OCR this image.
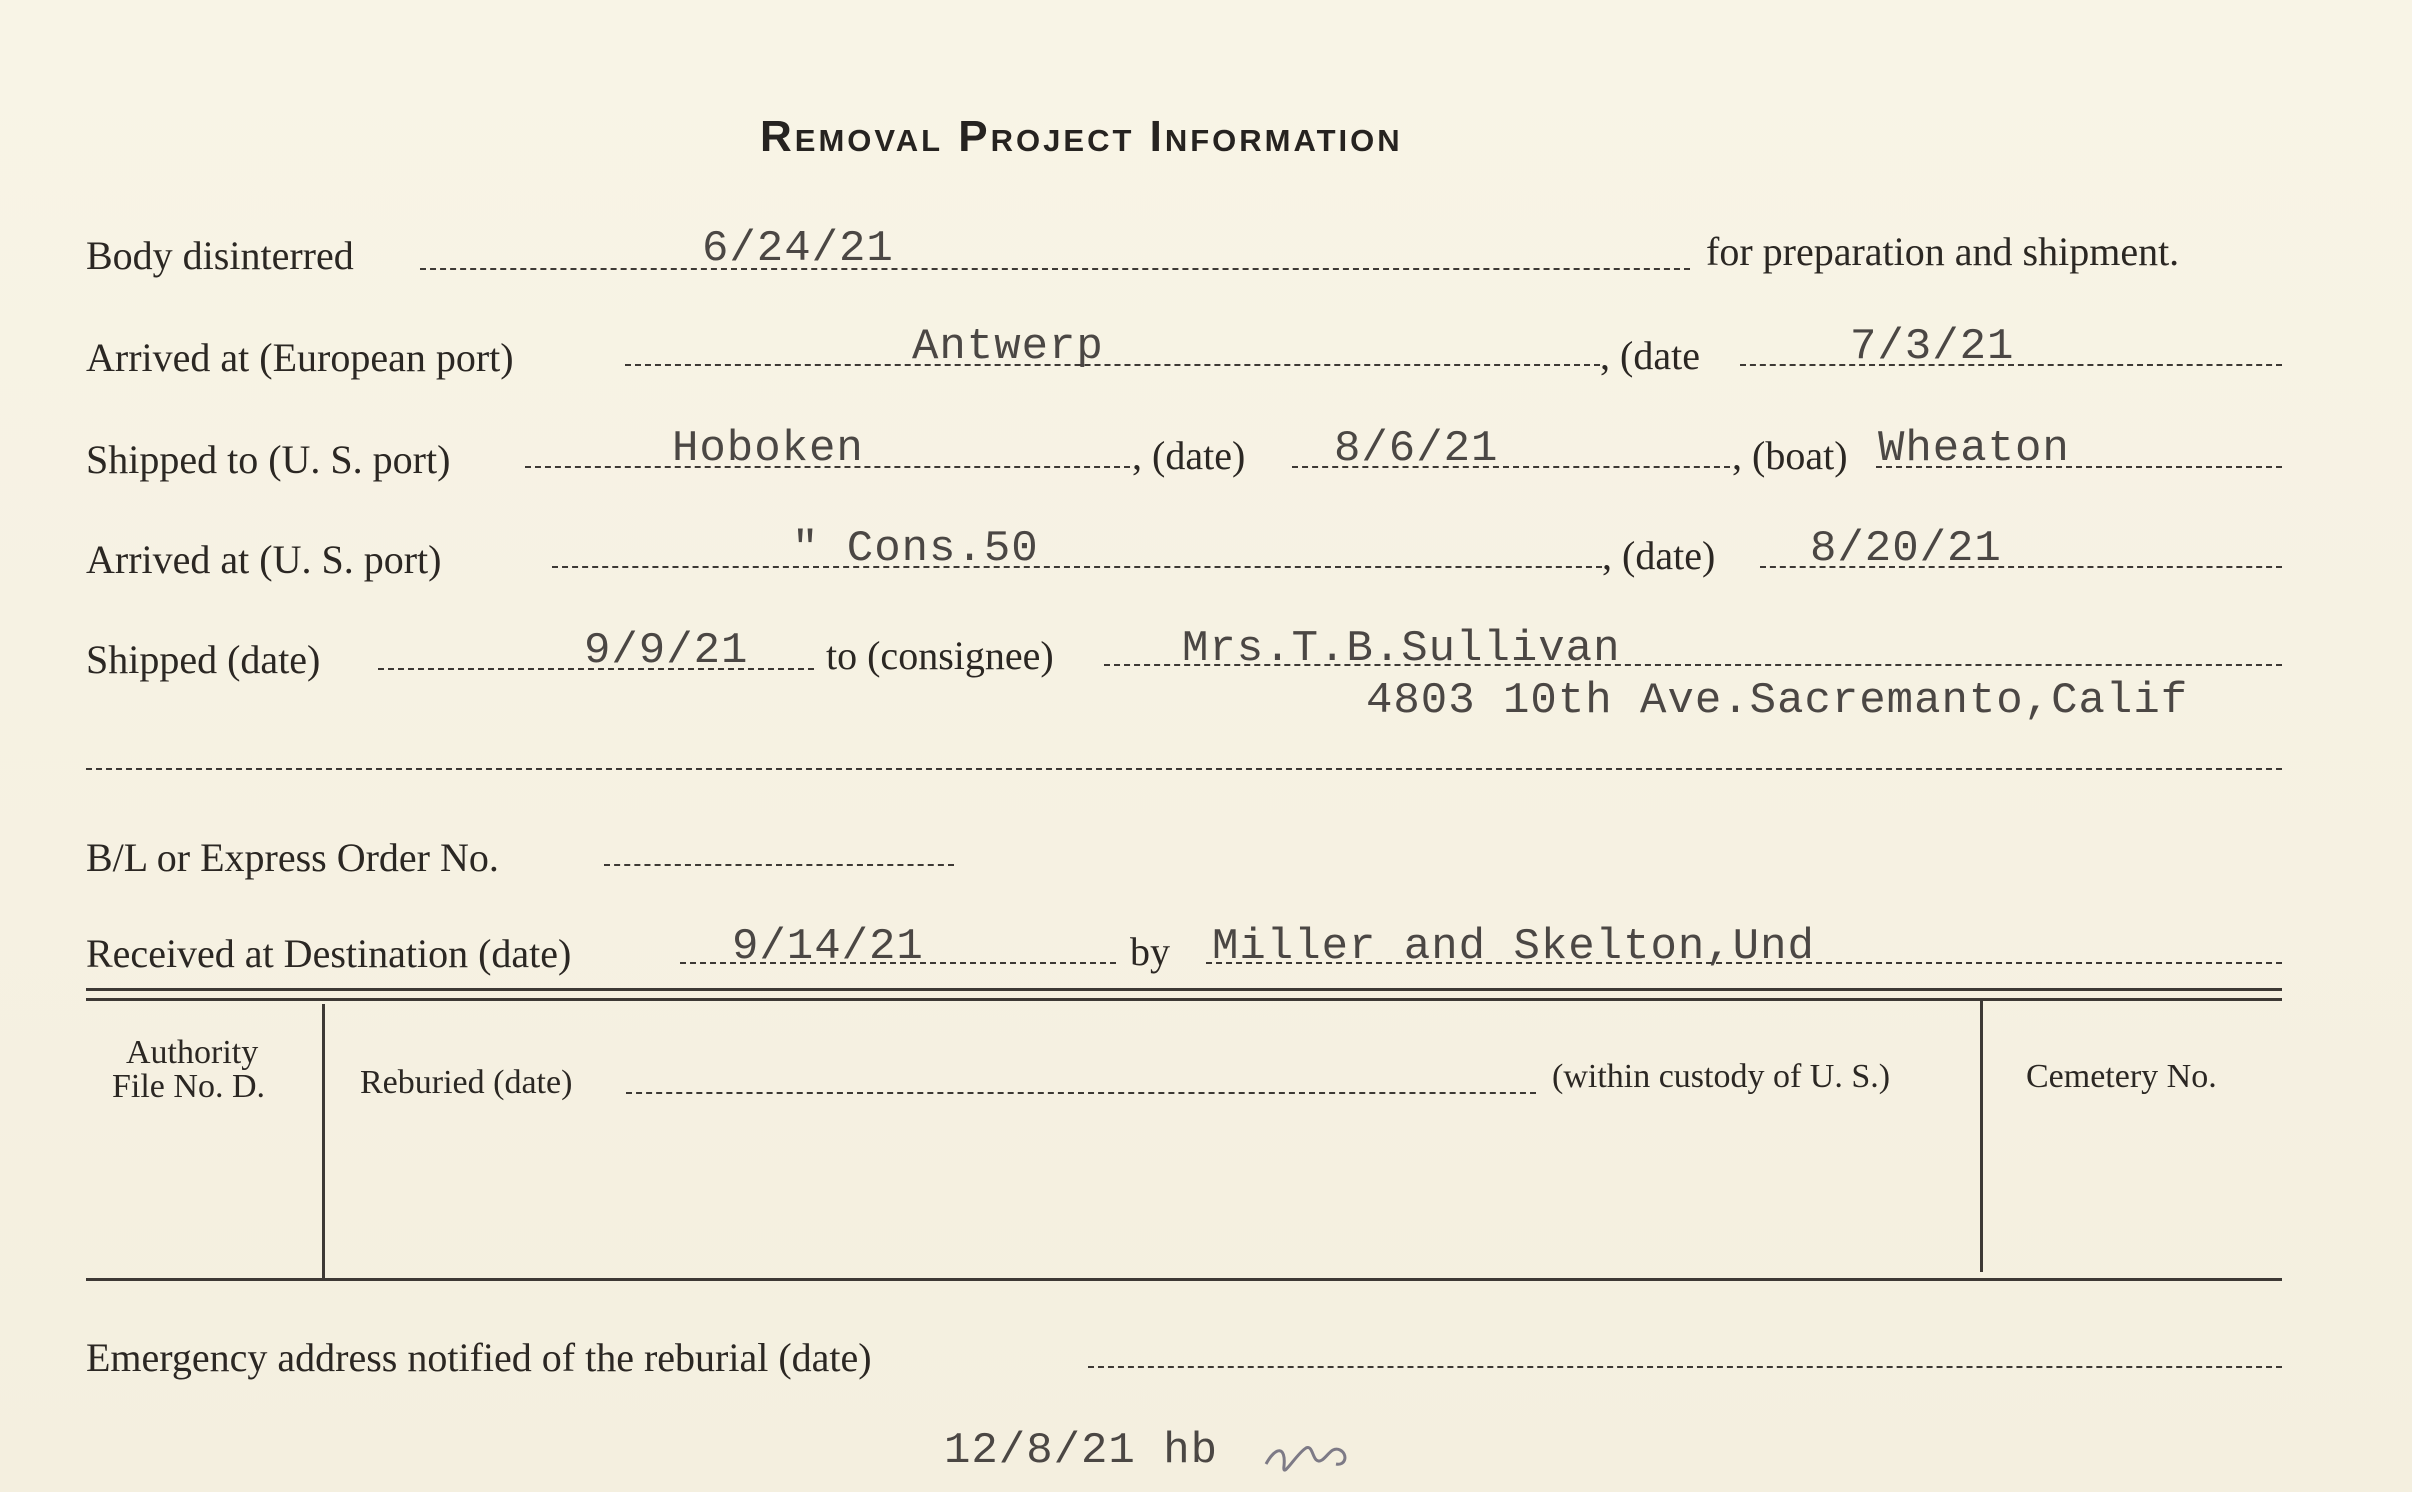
Removal Project Information
Body disinterred	6/24/21	for preparation and shipment.
Arrived at (European port)	Antwerp	, (date	7/3/21
Shipped to (U. S. port)	Hoboken	, (date) 8/6/21	, (boat) Wheaton
Arrived at (U. S. port)	" Cons.50	, (date) 8/20/21
Shipped (date)	9/9/21 to (consignee)	Mrs.T.B.Sullivan
4803 10th Ave.Sacremanto,Calif
B/L or Express Order No.
Received at Destination (date)	9/14/21	by Miller and Skelton,Und
Authority
File No. D.	Reburied (date)	(within custody of U. S.)	Cemetery No.
Emergency address notified of the reburial (date)
12/8/21 hb
